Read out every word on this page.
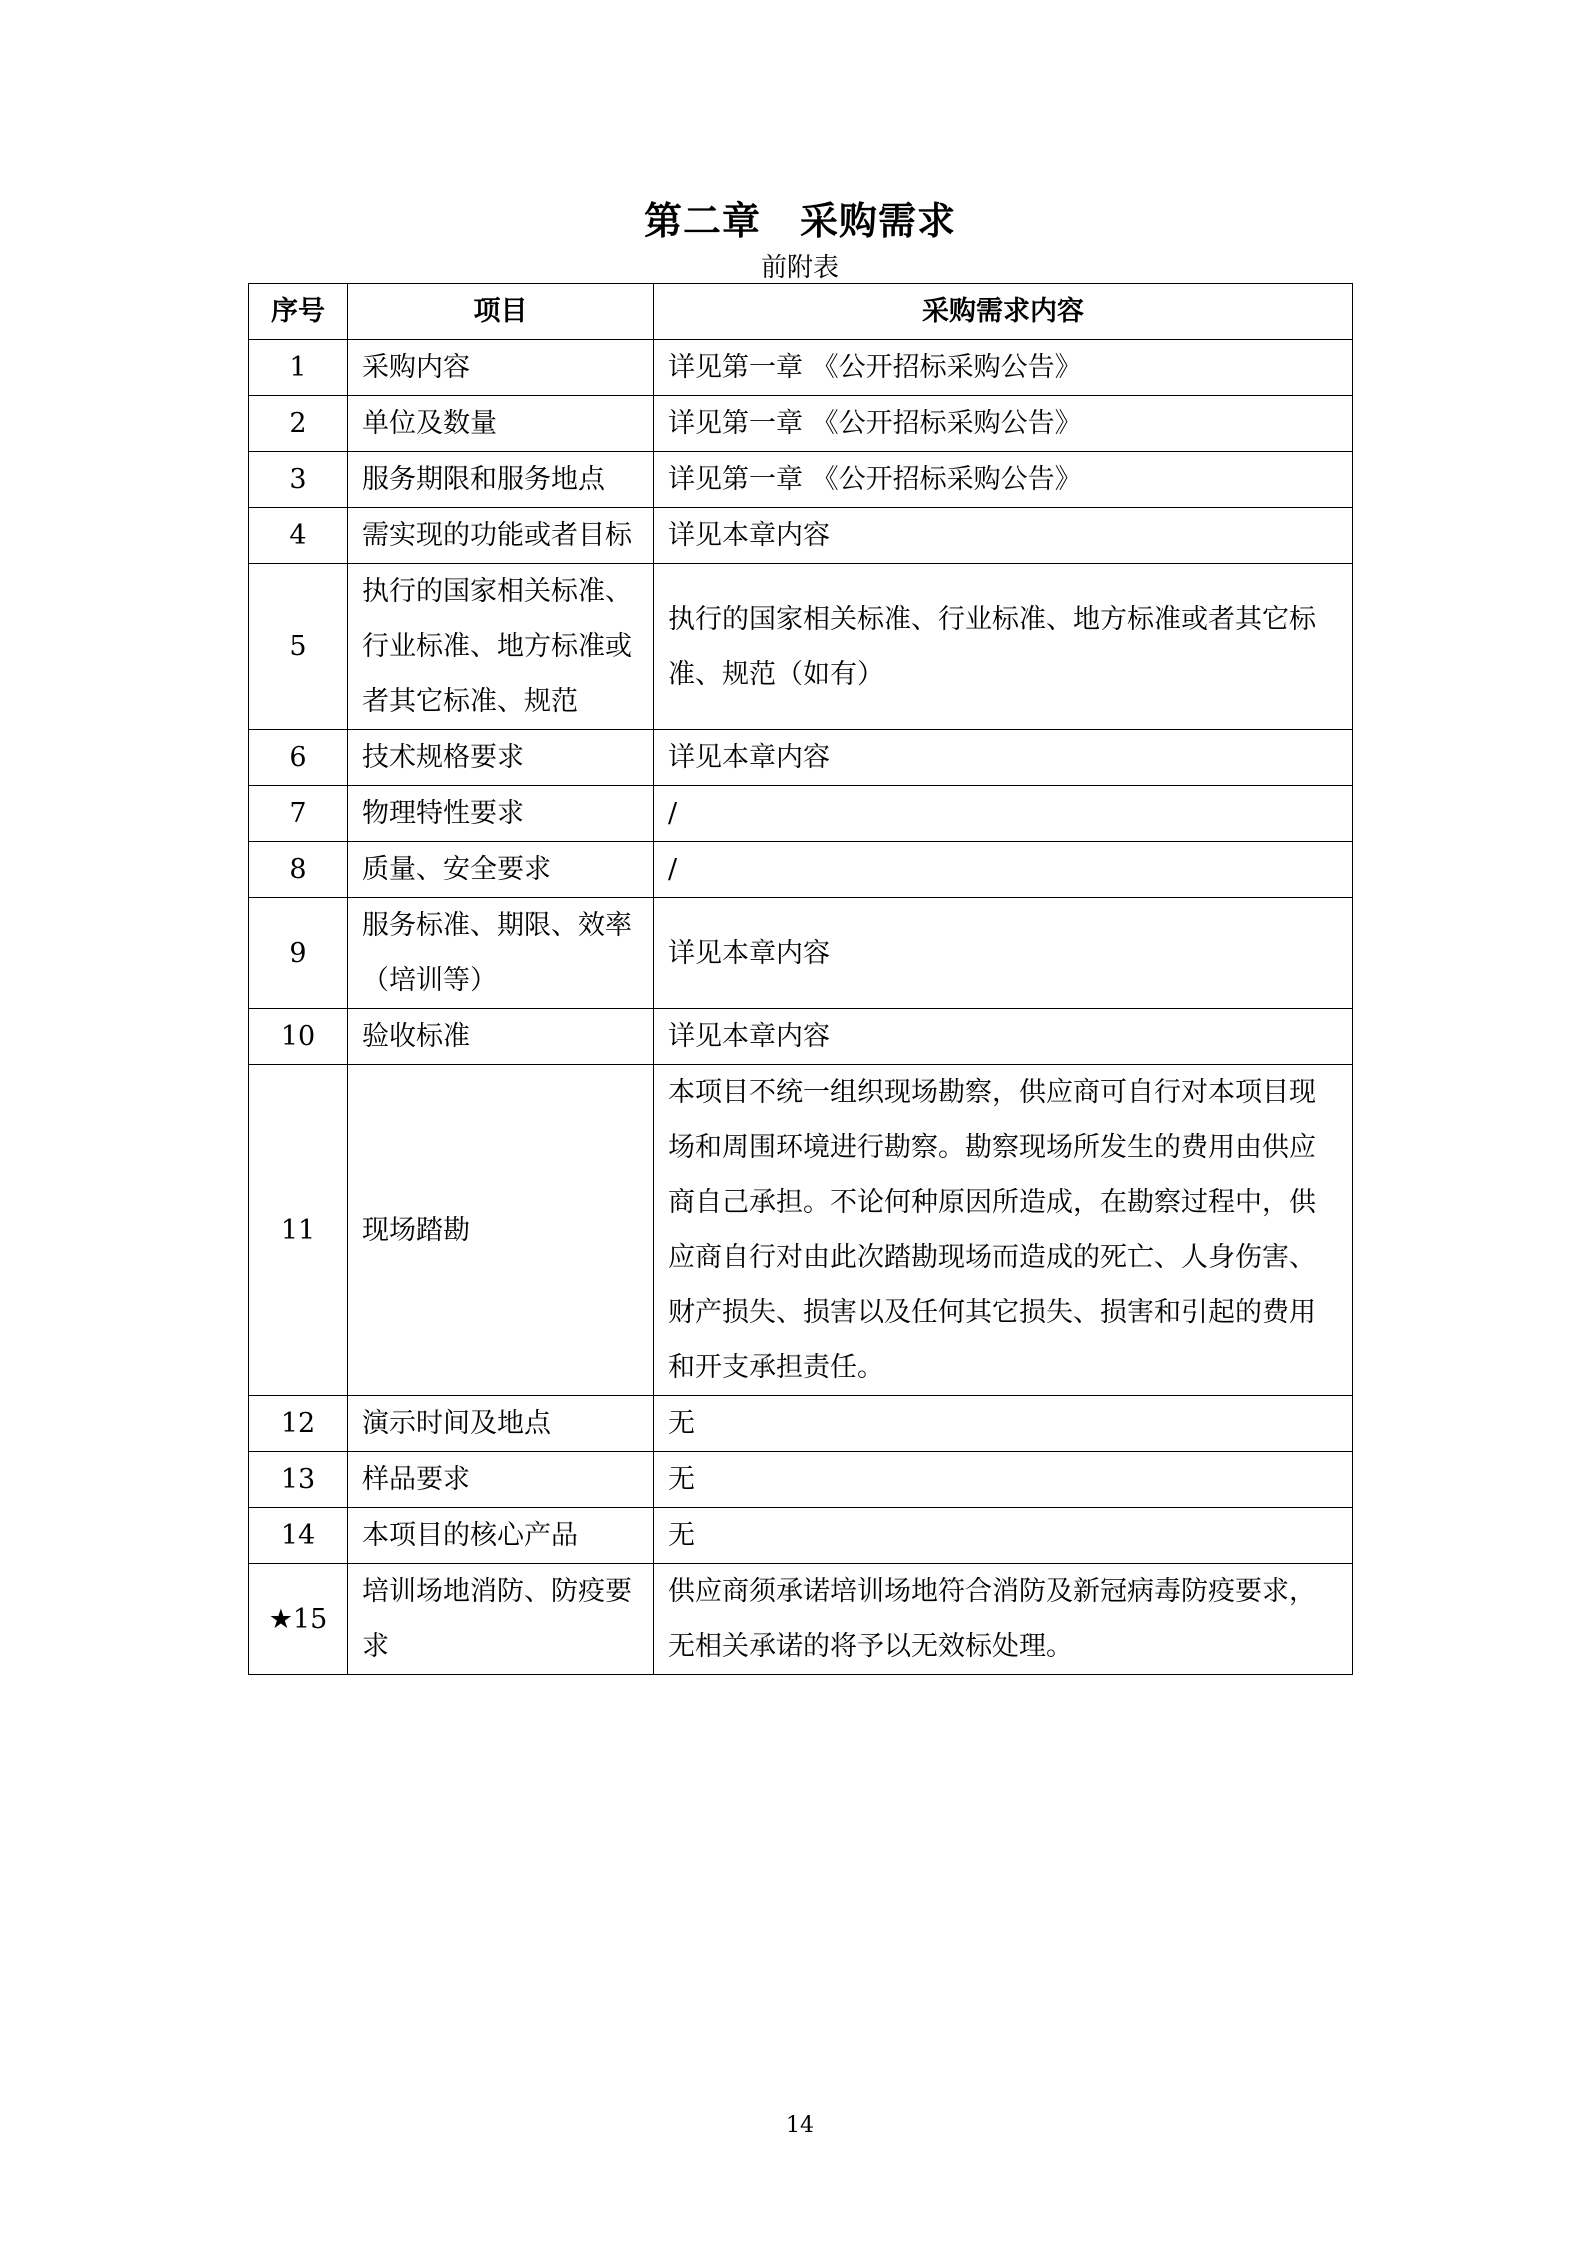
第二章　采购需求
前附表
序号	项目	采购需求内容
1	采购内容	详见第一章 《公开招标采购公告》
2	单位及数量	详见第一章 《公开招标采购公告》
3	服务期限和服务地点	详见第一章 《公开招标采购公告》
4	需实现的功能或者目标	详见本章内容
5	执行的国家相关标准、行业标准、地方标准或者其它标准、规范	执行的国家相关标准、行业标准、地方标准或者其它标准、规范（如有）
6	技术规格要求	详见本章内容
7	物理特性要求	/
8	质量、安全要求	/
9	服务标准、期限、效率（培训等）	详见本章内容
10	验收标准	详见本章内容
11	现场踏勘	本项目不统一组织现场勘察，供应商可自行对本项目现场和周围环境进行勘察。勘察现场所发生的费用由供应商自己承担。不论何种原因所造成，在勘察过程中，供应商自行对由此次踏勘现场而造成的死亡、人身伤害、财产损失、损害以及任何其它损失、损害和引起的费用和开支承担责任。
12	演示时间及地点	无
13	样品要求	无
14	本项目的核心产品	无
★15	培训场地消防、防疫要求	供应商须承诺培训场地符合消防及新冠病毒防疫要求，无相关承诺的将予以无效标处理。
14
